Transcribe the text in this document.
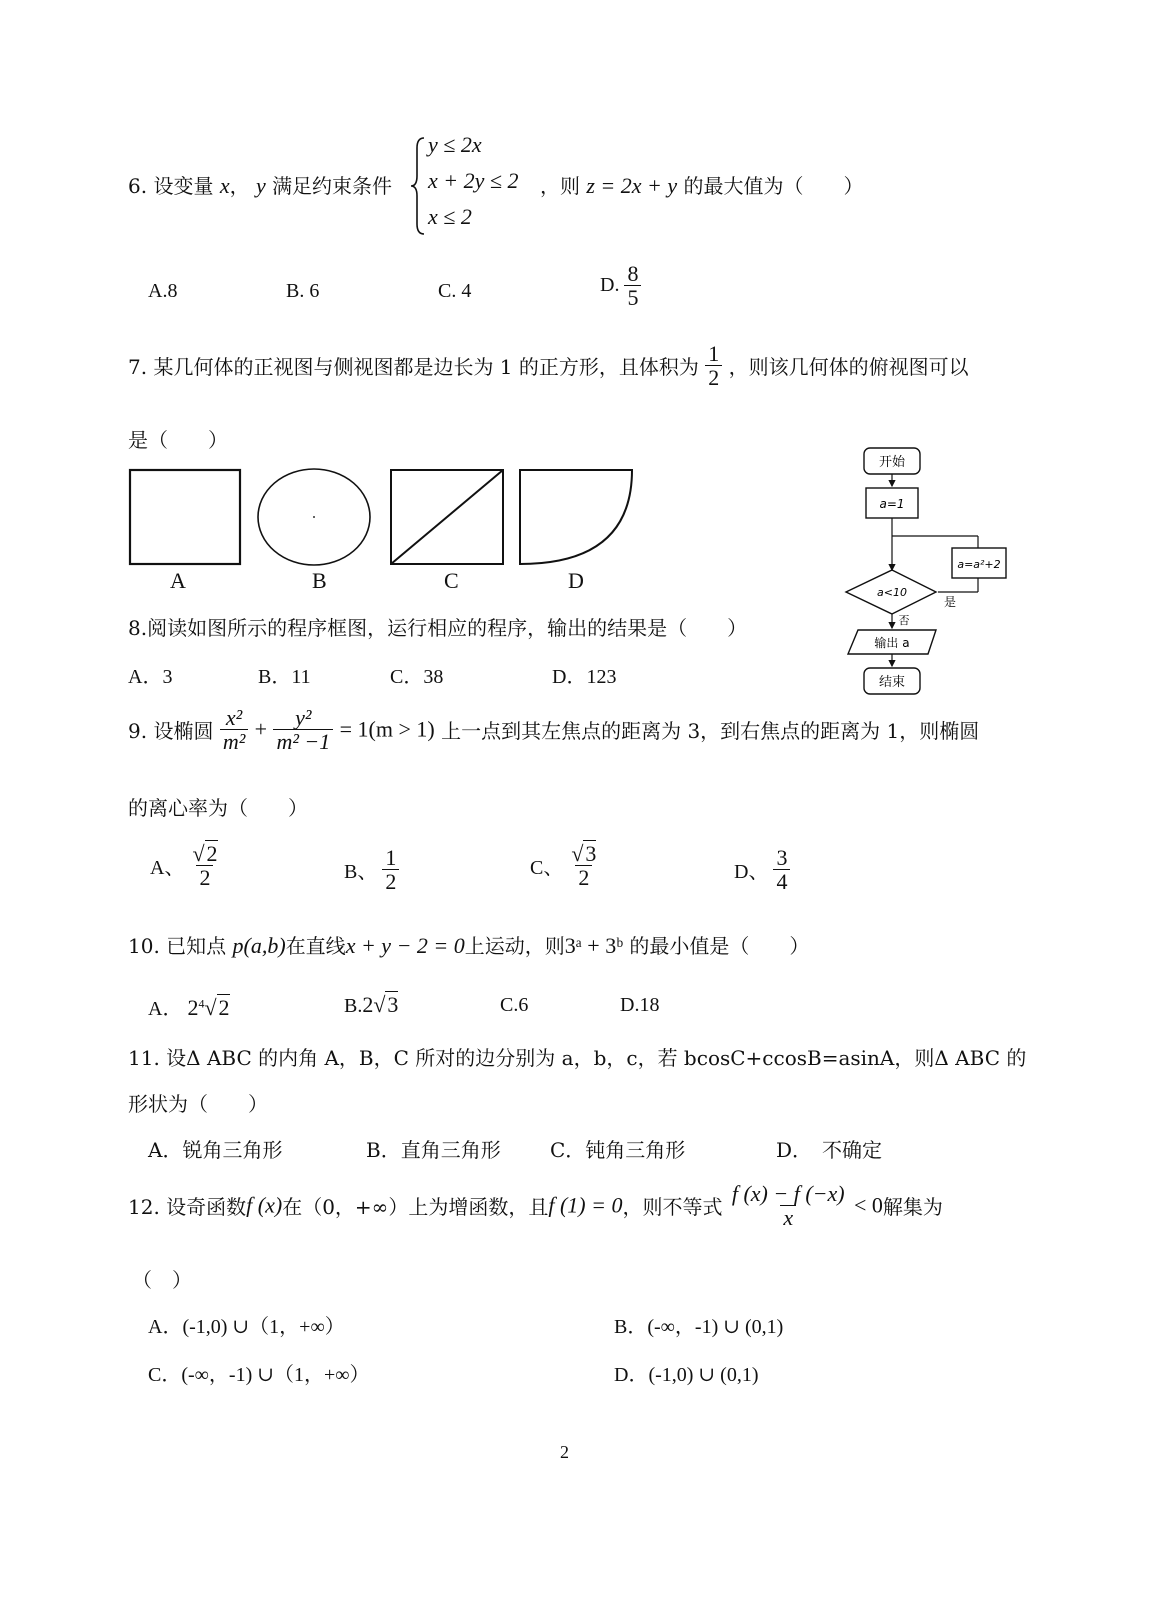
6. 设变量 x， y 满足约束条件
y ≤ 2x
x + 2y ≤ 2
x ≤ 2
，则 z = 2x + y 的最大值为（　　）
A.8	B. 6	C. 4	D. $\frac{8}{5}$
7. 某几何体的正视图与侧视图都是边长为 1 的正方形，且体积为 $\frac{1}{2}$ ，则该几何体的俯视图可以
是（　　）
A	B	C	D
开始
a=1
a=a²+2
a<10
是
否
输出 a
结束
8.阅读如图所示的程序框图，运行相应的程序，输出的结果是（　　）
A．3	B．11	C．38	D．123
9. 设椭圆 $\frac{\text{x²}}{\text{m²}} + \frac{\text{y²}}{\text{m² −1}} = 1(m > 1)$ 上一点到其左焦点的距离为 3，到右焦点的距离为 1，则椭圆
的离心率为（　　）
A、 $\frac{√2}{2}$	B、 $\frac{1}{2}$	C、 $\frac{√3}{2}$	D、 $\frac{3}{4}$
10. 已知点 p(a,b)在直线x + y − 2 = 0上运动，则3ᵃ + 3ᵇ 的最小值是（　　）
A． $2^4√2$	B.2√3	C.6	D.18
11. 设Δ ABC 的内角 A，B，C 所对的边分别为 a，b，c，若 bcosC+ccosB=asinA，则Δ ABC 的
形状为（　　）
A．锐角三角形	B．直角三角形 C．钝角三角形	D．　不确定
12. 设奇函数f (x)在（0，+∞）上为增函数，且f (1) = 0，则不等式 $\frac{f (x) - f (-x)}{x} < 0$解集为
（　）
A．(-1,0) ∪（1，+∞）	B．(-∞，-1) ∪ (0,1)
C．(-∞，-1) ∪（1，+∞）	D．(-1,0) ∪ (0,1)
2
